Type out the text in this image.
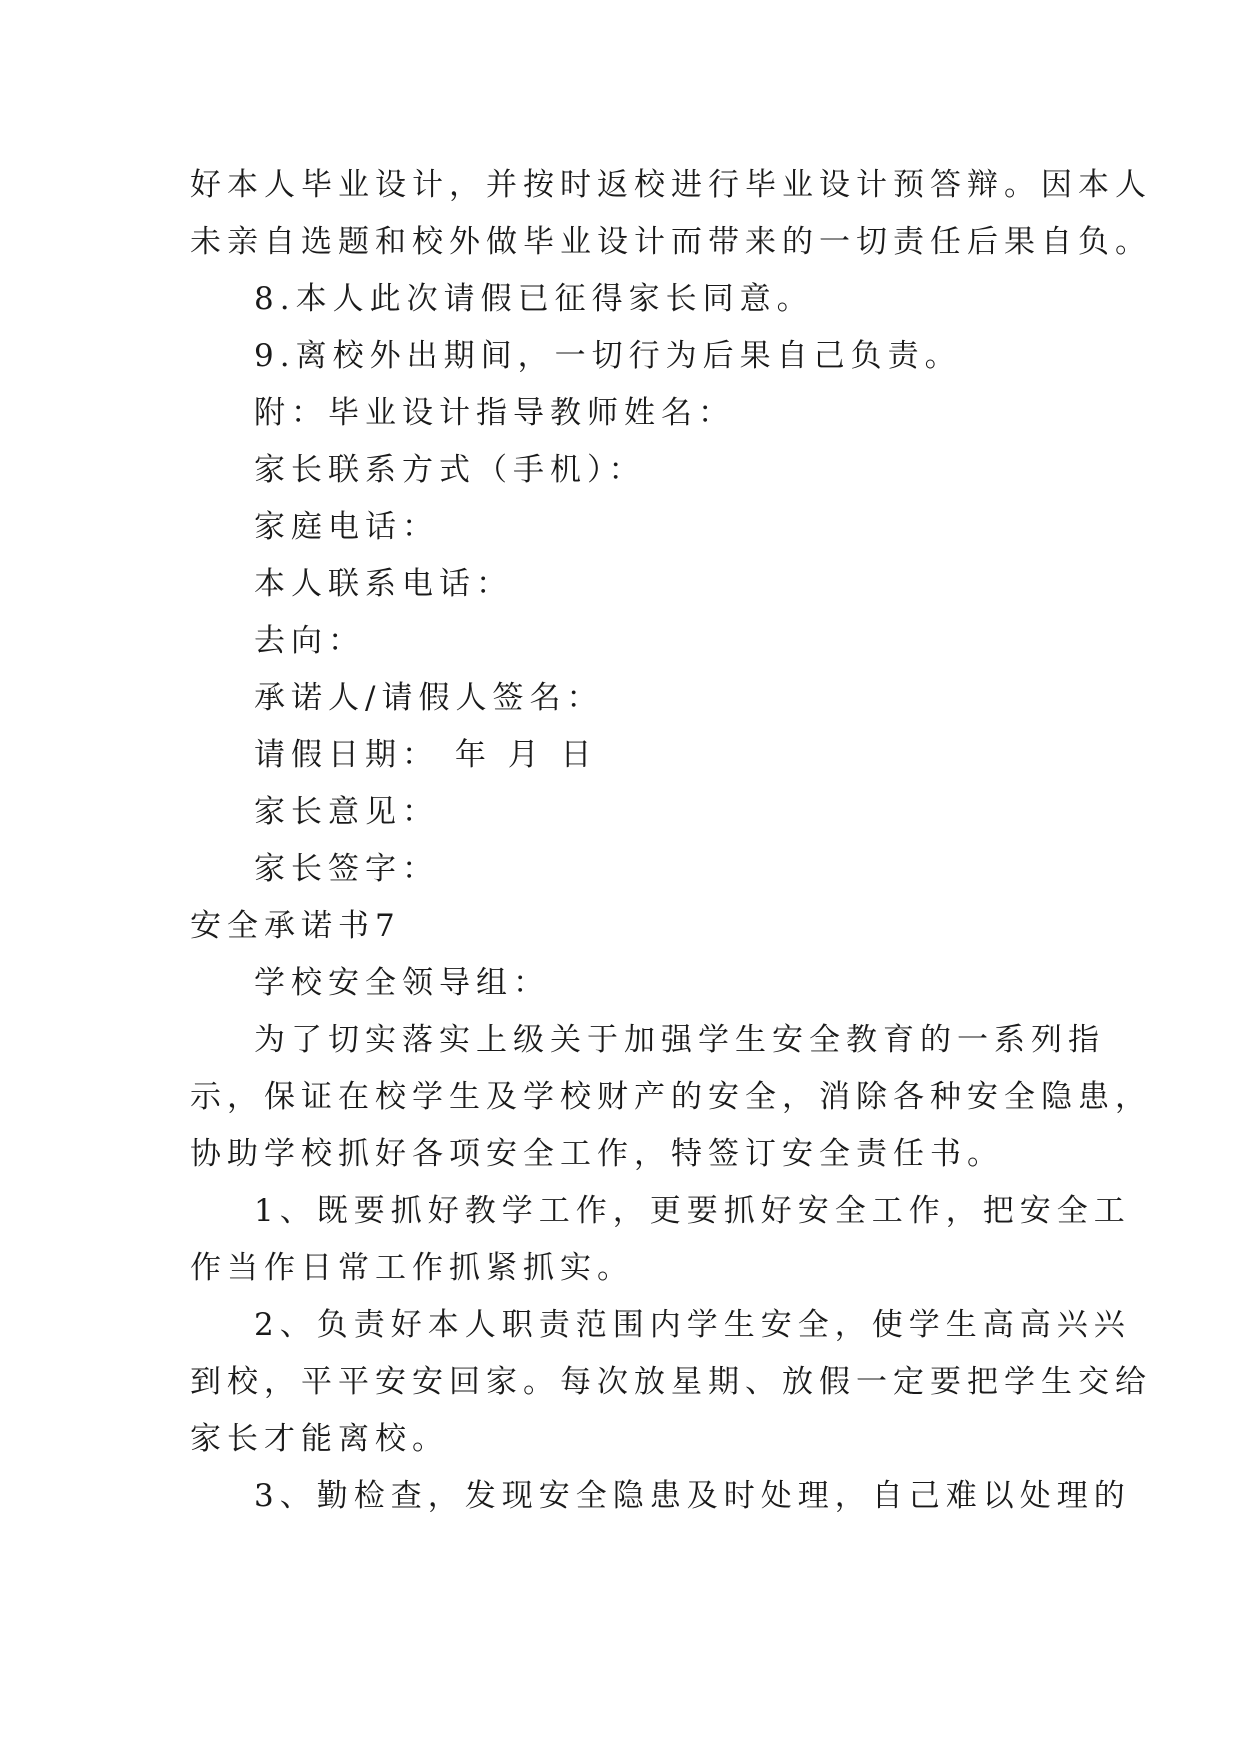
好本人毕业设计，并按时返校进行毕业设计预答辩。因本人
未亲自选题和校外做毕业设计而带来的一切责任后果自负。
8.本人此次请假已征得家长同意。
9.离校外出期间，一切行为后果自己负责。
附：毕业设计指导教师姓名：
家长联系方式（手机）：
家庭电话：
本人联系电话：
去向：
承诺人/请假人签名：
请假日期： 年 月 日
家长意见：
家长签字：
安全承诺书7
学校安全领导组：
为了切实落实上级关于加强学生安全教育的一系列指
示，保证在校学生及学校财产的安全，消除各种安全隐患，
协助学校抓好各项安全工作，特签订安全责任书。
1、既要抓好教学工作，更要抓好安全工作，把安全工
作当作日常工作抓紧抓实。
2、负责好本人职责范围内学生安全，使学生高高兴兴
到校，平平安安回家。每次放星期、放假一定要把学生交给
家长才能离校。
3、勤检查，发现安全隐患及时处理，自己难以处理的
